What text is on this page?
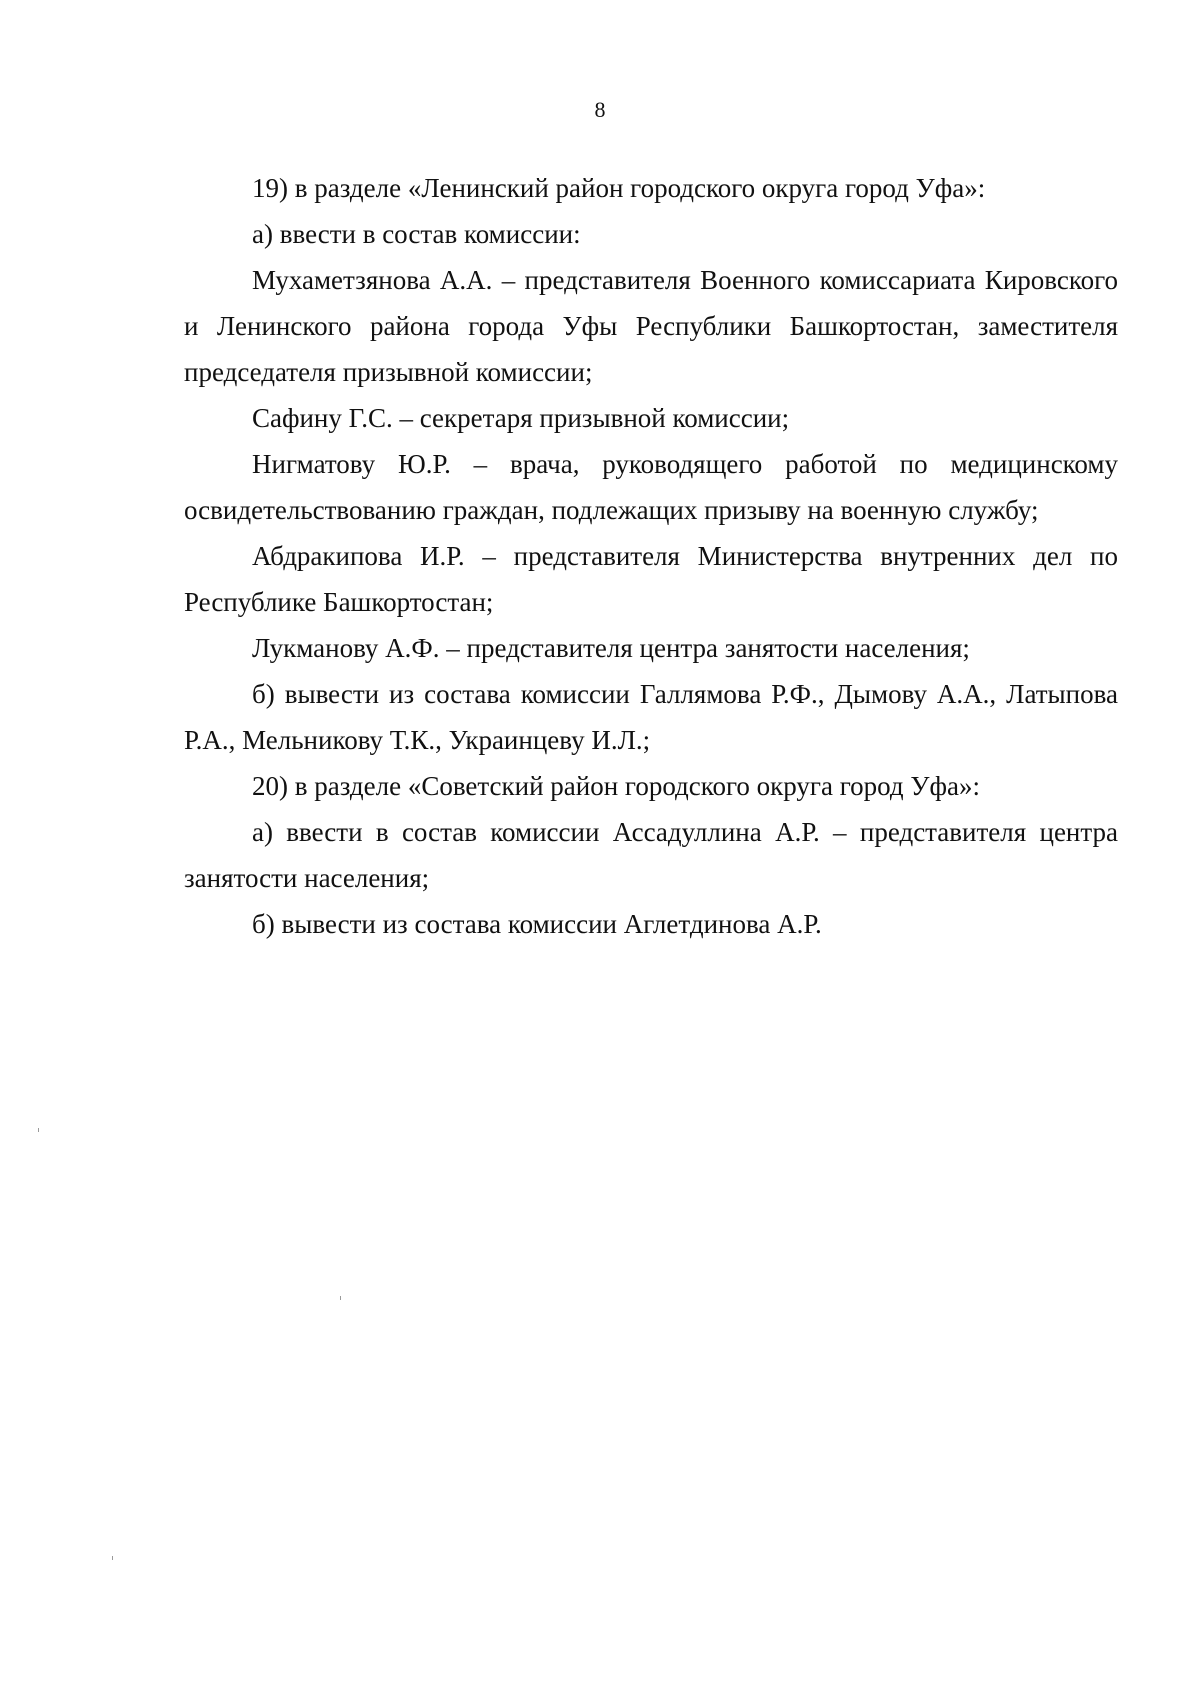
8

19) в разделе «Ленинский район городского округа город Уфа»:

а) ввести в состав комиссии:

Мухаметзянова А.А. – представителя Военного комиссариата Кировского и Ленинского района города Уфы Республики Башкортостан, заместителя председателя призывной комиссии;

Сафину Г.С. – секретаря призывной комиссии;

Нигматову Ю.Р. – врача, руководящего работой по медицинскому освидетельствованию граждан, подлежащих призыву на военную службу;

Абдракипова И.Р. – представителя Министерства внутренних дел по Республике Башкортостан;

Лукманову А.Ф. – представителя центра занятости населения;

б) вывести из состава комиссии Галлямова Р.Ф., Дымову А.А., Латыпова Р.А., Мельникову Т.К., Украинцеву И.Л.;

20) в разделе «Советский район городского округа город Уфа»:

а) ввести в состав комиссии Ассадуллина А.Р. – представителя центра занятости населения;

б) вывести из состава комиссии Аглетдинова А.Р.
